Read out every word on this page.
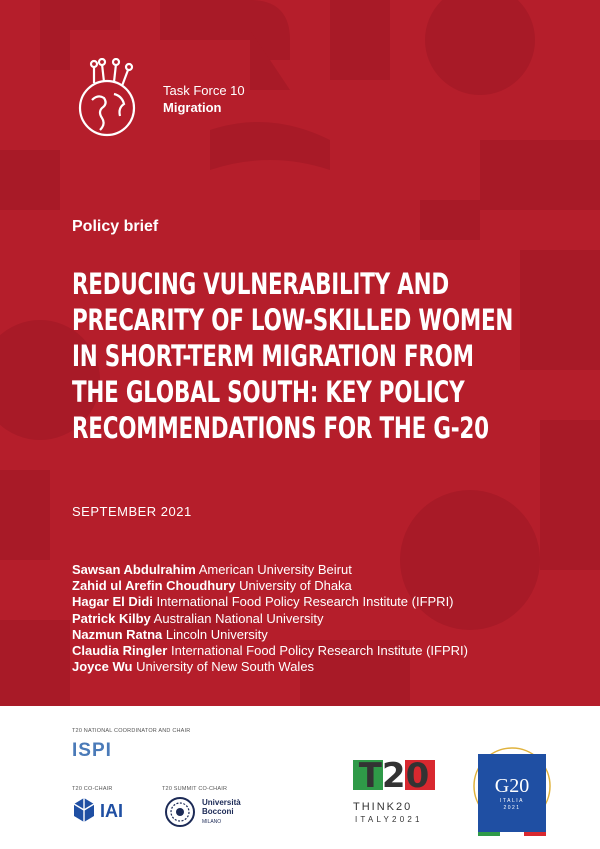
Task Force 10
Migration
Policy brief
REDUCING VULNERABILITY AND
PRECARITY OF LOW-SKILLED WOMEN
IN SHORT-TERM MIGRATION FROM
THE GLOBAL SOUTH: KEY POLICY
RECOMMENDATIONS FOR THE G-20
SEPTEMBER 2021
Sawsan Abdulrahim American University Beirut
Zahid ul Arefin Choudhury University of Dhaka
Hagar El Didi International Food Policy Research Institute (IFPRI)
Patrick Kilby Australian National University
Nazmun Ratna Lincoln University
Claudia Ringler International Food Policy Research Institute (IFPRI)
Joyce Wu University of New South Wales
T20 NATIONAL COORDINATOR AND CHAIR
T20 CO-CHAIR	T20 SUMMIT CO-CHAIR
ISPI
IAI	Università
Bocconi
MILANO
T20
THINK20
ITALY2021
G20
ITALIA
2021
